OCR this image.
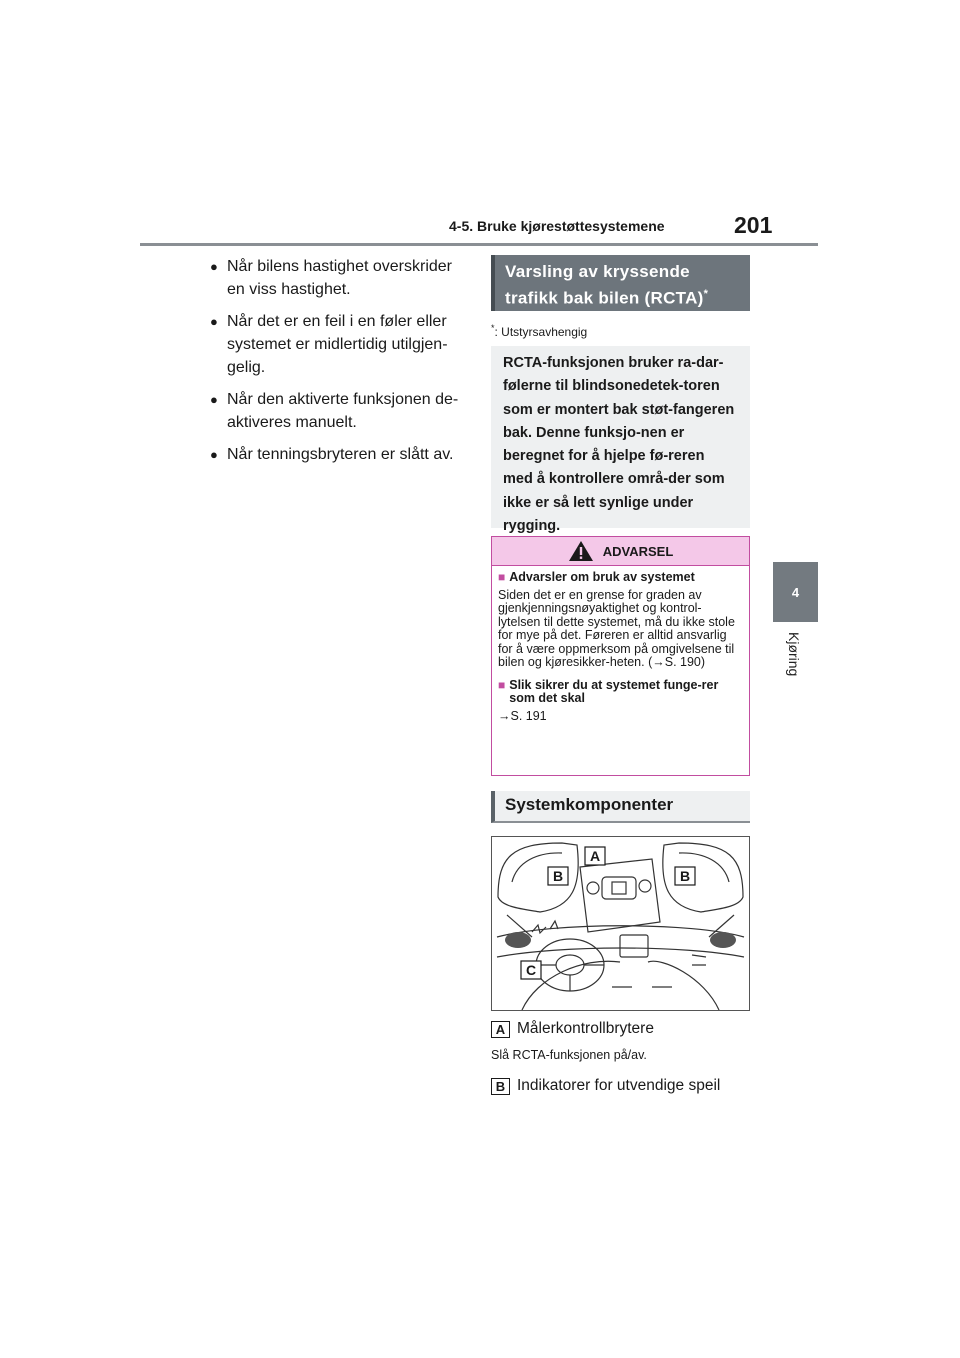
4-5. Bruke kjørestøttesystemene	201
4
Kjøring
● Når bilens hastighet overskrider en viss hastighet.
● Når det er en feil i en føler eller systemet er midlertidig utilgjen-gelig.
● Når den aktiverte funksjonen de-aktiveres manuelt.
● Når tenningsbryteren er slått av.
Varsling av kryssende trafikk bak bilen (RCTA)*
*: Utstyrsavhengig
RCTA-funksjonen bruker ra-darfølerne til blindsonedetek-toren som er montert bak støt-fangeren bak. Denne funksjo-nen er beregnet for å hjelpe fø-reren med å kontrollere områ-der som ikke er så lett synlige under rygging.
ADVARSEL
■ Advarsler om bruk av systemet
Siden det er en grense for graden av gjenkjenningsnøyaktighet og kontrol-lytelsen til dette systemet, må du ikke stole for mye på det. Føreren er alltid ansvarlig for å være oppmerksom på omgivelsene til bilen og kjøresikker-heten. (→S. 190)
■ Slik sikrer du at systemet funge-rer som det skal
→S. 191
Systemkomponenter
B
A
B
C
A Målerkontrollbrytere
Slå RCTA-funksjonen på/av.
B Indikatorer for utvendige speil
